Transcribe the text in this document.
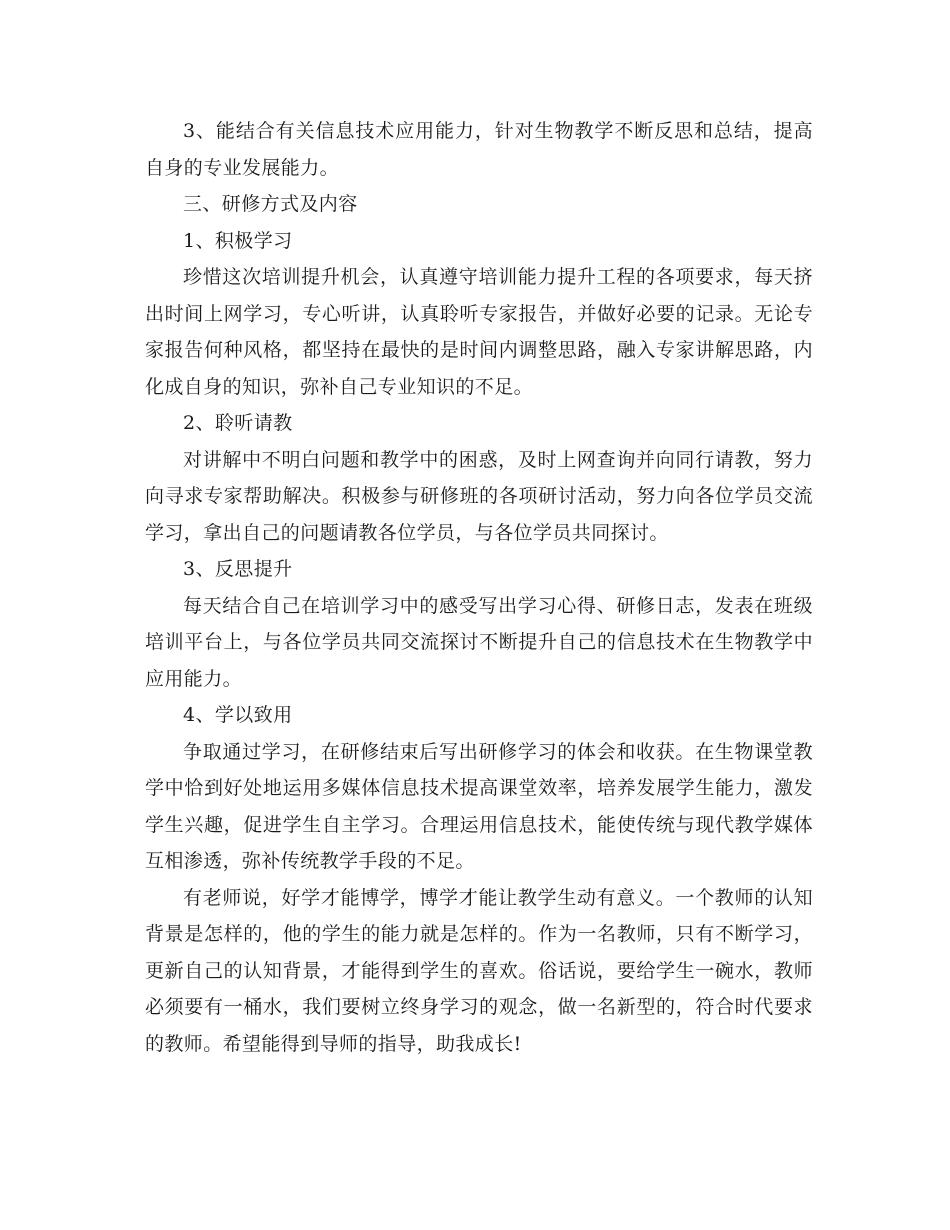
3、能结合有关信息技术应用能力，针对生物教学不断反思和总结，提高自身的专业发展能力。

三、研修方式及内容

1、积极学习

珍惜这次培训提升机会，认真遵守培训能力提升工程的各项要求，每天挤出时间上网学习，专心听讲，认真聆听专家报告，并做好必要的记录。无论专家报告何种风格，都坚持在最快的是时间内调整思路，融入专家讲解思路，内化成自身的知识，弥补自己专业知识的不足。

2、聆听请教

对讲解中不明白问题和教学中的困惑，及时上网查询并向同行请教，努力向寻求专家帮助解决。积极参与研修班的各项研讨活动，努力向各位学员交流学习，拿出自己的问题请教各位学员，与各位学员共同探讨。

3、反思提升

每天结合自己在培训学习中的感受写出学习心得、研修日志，发表在班级培训平台上，与各位学员共同交流探讨不断提升自己的信息技术在生物教学中应用能力。

4、学以致用

争取通过学习，在研修结束后写出研修学习的体会和收获。在生物课堂教学中恰到好处地运用多媒体信息技术提高课堂效率，培养发展学生能力，激发学生兴趣，促进学生自主学习。合理运用信息技术，能使传统与现代教学媒体互相渗透，弥补传统教学手段的不足。

有老师说，好学才能博学，博学才能让教学生动有意义。一个教师的认知背景是怎样的，他的学生的能力就是怎样的。作为一名教师，只有不断学习，更新自己的认知背景，才能得到学生的喜欢。俗话说，要给学生一碗水，教师必须要有一桶水，我们要树立终身学习的观念，做一名新型的，符合时代要求的教师。希望能得到导师的指导，助我成长!
